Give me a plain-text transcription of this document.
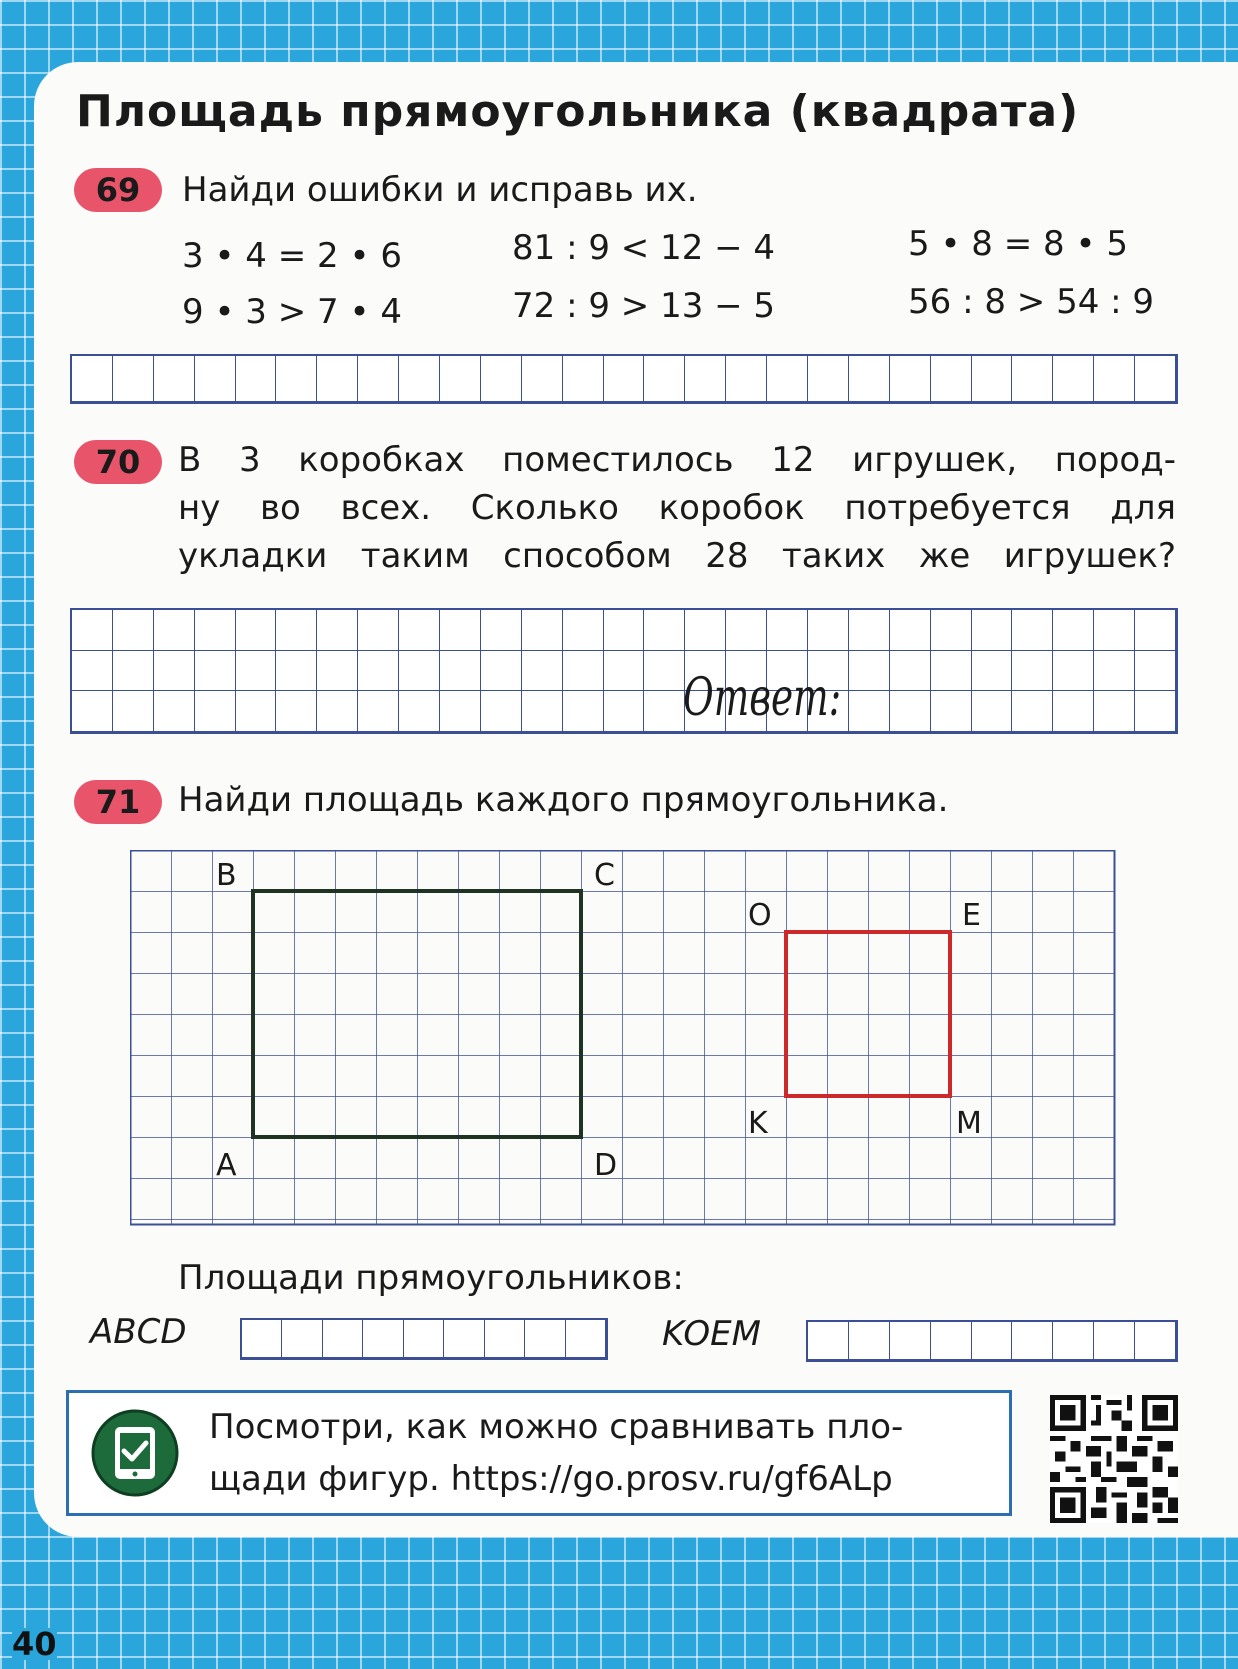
Площадь прямоугольника (квадрата)
69	Найди ошибки и исправь их.

3 • 4 = 2 • 6	81 : 9 < 12 − 4	5 • 8 = 8 • 5
9 • 3 > 7 • 4	72 : 9 > 13 − 5	56 : 8 > 54 : 9
70	В 3 коробках поместилось 12 игрушек, пород-
ну во всех. Сколько коробок потребуется для
укладки таким способом 28 таких же игрушек?
Ответ:
71	Найди площадь каждого прямоугольника.

B	C
A	D
O	E
K	M

Площади прямоугольников:

ABCD	KOEM

Посмотри, как можно сравнивать пло-
щади фигур. https://go.prosv.ru/gf6ALp

40
